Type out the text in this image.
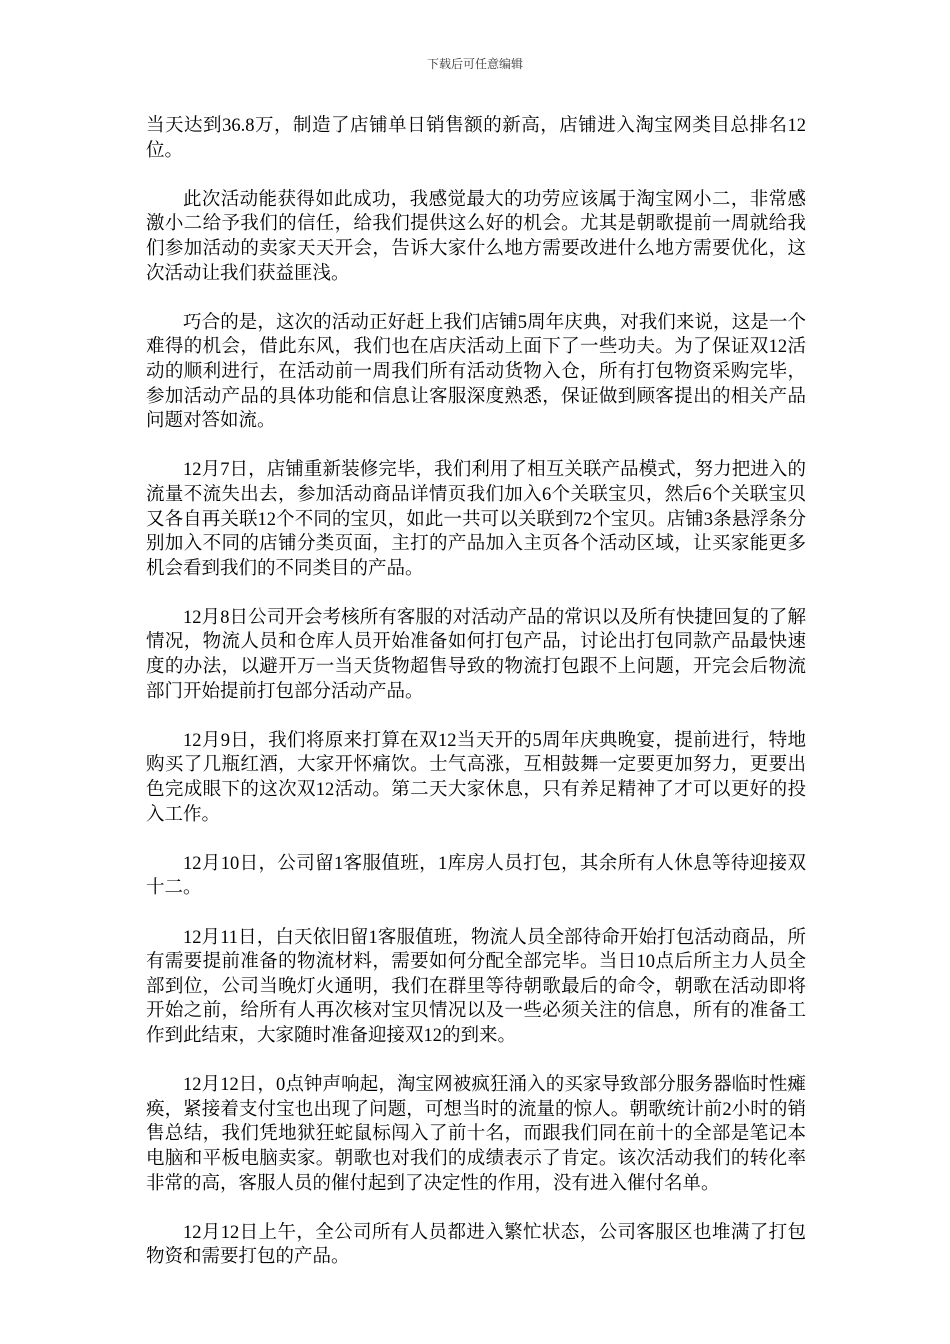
下载后可任意编辑

当天达到36.8万，制造了店铺单日销售额的新高，店铺进入淘宝网类目总排名12位。

此次活动能获得如此成功，我感觉最大的功劳应该属于淘宝网小二，非常感激小二给予我们的信任，给我们提供这么好的机会。尤其是朝歌提前一周就给我们参加活动的卖家天天开会，告诉大家什么地方需要改进什么地方需要优化，这次活动让我们获益匪浅。

巧合的是，这次的活动正好赶上我们店铺5周年庆典，对我们来说，这是一个难得的机会，借此东风，我们也在店庆活动上面下了一些功夫。为了保证双12活动的顺利进行，在活动前一周我们所有活动货物入仓，所有打包物资采购完毕，参加活动产品的具体功能和信息让客服深度熟悉，保证做到顾客提出的相关产品问题对答如流。

12月7日，店铺重新装修完毕，我们利用了相互关联产品模式，努力把进入的流量不流失出去，参加活动商品详情页我们加入6个关联宝贝，然后6个关联宝贝又各自再关联12个不同的宝贝，如此一共可以关联到72个宝贝。店铺3条悬浮条分别加入不同的店铺分类页面，主打的产品加入主页各个活动区域，让买家能更多机会看到我们的不同类目的产品。

12月8日公司开会考核所有客服的对活动产品的常识以及所有快捷回复的了解情况，物流人员和仓库人员开始准备如何打包产品，讨论出打包同款产品最快速度的办法，以避开万一当天货物超售导致的物流打包跟不上问题，开完会后物流部门开始提前打包部分活动产品。

12月9日，我们将原来打算在双12当天开的5周年庆典晚宴，提前进行，特地购买了几瓶红酒，大家开怀痛饮。士气高涨，互相鼓舞一定要更加努力，更要出色完成眼下的这次双12活动。第二天大家休息，只有养足精神了才可以更好的投入工作。

12月10日，公司留1客服值班，1库房人员打包，其余所有人休息等待迎接双十二。

12月11日，白天依旧留1客服值班，物流人员全部待命开始打包活动商品，所有需要提前准备的物流材料，需要如何分配全部完毕。当日10点后所主力人员全部到位，公司当晚灯火通明，我们在群里等待朝歌最后的命令，朝歌在活动即将开始之前，给所有人再次核对宝贝情况以及一些必须关注的信息，所有的准备工作到此结束，大家随时准备迎接双12的到来。

12月12日，0点钟声响起，淘宝网被疯狂涌入的买家导致部分服务器临时性瘫痪，紧接着支付宝也出现了问题，可想当时的流量的惊人。朝歌统计前2小时的销售总结，我们凭地狱狂蛇鼠标闯入了前十名，而跟我们同在前十的全部是笔记本电脑和平板电脑卖家。朝歌也对我们的成绩表示了肯定。该次活动我们的转化率非常的高，客服人员的催付起到了决定性的作用，没有进入催付名单。

12月12日上午，全公司所有人员都进入繁忙状态，公司客服区也堆满了打包物资和需要打包的产品。
